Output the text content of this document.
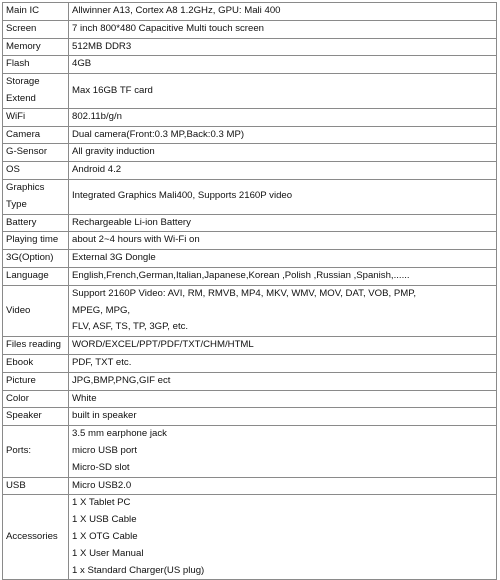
Main IC	Allwinner A13, Cortex A8 1.2GHz, GPU: Mali 400

Screen	7 inch 800*480 Capacitive Multi touch screen

Memory	512MB DDR3

Flash	4GB

Storage Extend	Max 16GB TF card

WiFi	802.11b/g/n

Camera	Dual camera(Front:0.3 MP,Back:0.3 MP)

G-Sensor	All gravity induction

OS	Android 4.2

Graphics Type	Integrated Graphics Mali400, Supports 2160P video

Battery	Rechargeable Li-ion Battery

Playing time	about 2~4 hours with Wi-Fi on

3G(Option)	External 3G Dongle

Language	English,French,German,Italian,Japanese,Korean ,Polish ,Russian ,Spanish,......

Video	Support 2160P Video: AVI, RM, RMVB, MP4, MKV, WMV, MOV, DAT, VOB, PMP,
MPEG, MPG,
FLV, ASF, TS, TP, 3GP, etc.

Files reading	WORD/EXCEL/PPT/PDF/TXT/CHM/HTML

Ebook	PDF, TXT etc.

Picture	JPG,BMP,PNG,GIF ect

Color	White

Speaker	built in speaker

Ports:	3.5 mm earphone jack
micro USB port
Micro-SD slot

USB	Micro USB2.0

Accessories	1 X Tablet PC
1 X USB Cable
1 X OTG Cable
1 X User Manual
1 x Standard Charger(US plug)
